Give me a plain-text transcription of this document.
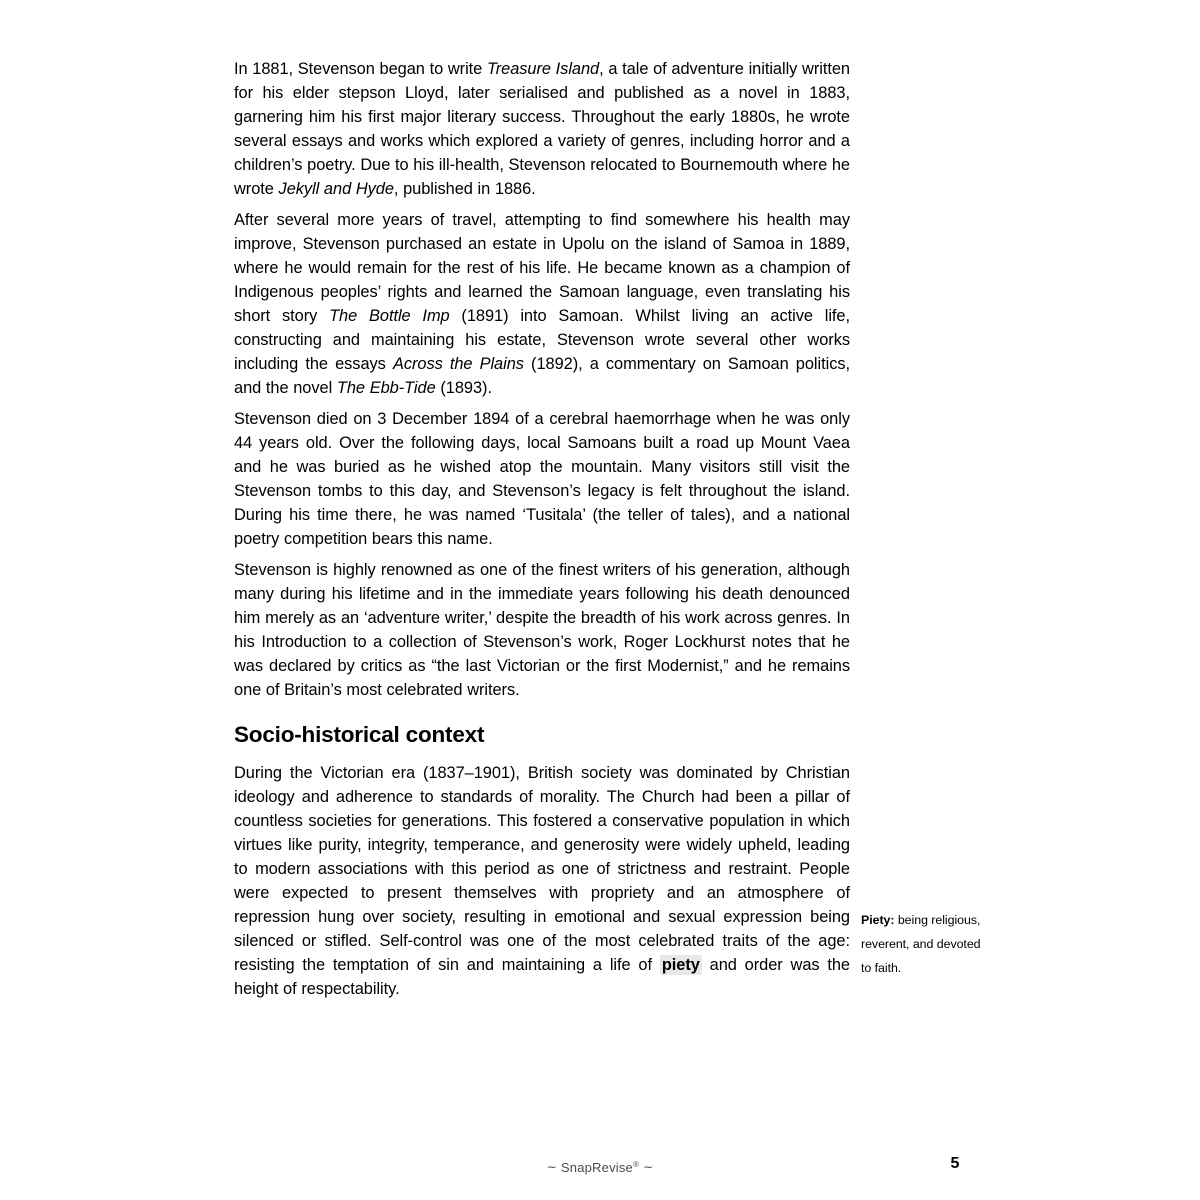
In 1881, Stevenson began to write Treasure Island, a tale of adventure initially written for his elder stepson Lloyd, later serialised and published as a novel in 1883, garnering him his first major literary success. Throughout the early 1880s, he wrote several essays and works which explored a variety of genres, including horror and a children’s poetry. Due to his ill-health, Stevenson relocated to Bournemouth where he wrote Jekyll and Hyde, published in 1886.

After several more years of travel, attempting to find somewhere his health may improve, Stevenson purchased an estate in Upolu on the island of Samoa in 1889, where he would remain for the rest of his life. He became known as a champion of Indigenous peoples’ rights and learned the Samoan language, even translating his short story The Bottle Imp (1891) into Samoan. Whilst living an active life, constructing and maintaining his estate, Stevenson wrote several other works including the essays Across the Plains (1892), a commentary on Samoan politics, and the novel The Ebb-Tide (1893).

Stevenson died on 3 December 1894 of a cerebral haemorrhage when he was only 44 years old. Over the following days, local Samoans built a road up Mount Vaea and he was buried as he wished atop the mountain. Many visitors still visit the Stevenson tombs to this day, and Stevenson’s legacy is felt throughout the island. During his time there, he was named ‘Tusitala’ (the teller of tales), and a national poetry competition bears this name.

Stevenson is highly renowned as one of the finest writers of his generation, although many during his lifetime and in the immediate years following his death denounced him merely as an ‘adventure writer,’ despite the breadth of his work across genres. In his Introduction to a collection of Stevenson’s work, Roger Lockhurst notes that he was declared by critics as “the last Victorian or the first Modernist,” and he remains one of Britain’s most celebrated writers.

Socio-historical context

During the Victorian era (1837–1901), British society was dominated by Christian ideology and adherence to standards of morality. The Church had been a pillar of countless societies for generations. This fostered a conservative population in which virtues like purity, integrity, temperance, and generosity were widely upheld, leading to modern associations with this period as one of strictness and restraint. People were expected to present themselves with propriety and an atmosphere of repression hung over society, resulting in emotional and sexual expression being silenced or stifled. Self-control was one of the most celebrated traits of the age: resisting the temptation of sin and maintaining a life of piety and order was the height of respectability.

Piety: being religious, reverent, and devoted to faith.
∼ SnapRevise® ∼	5
